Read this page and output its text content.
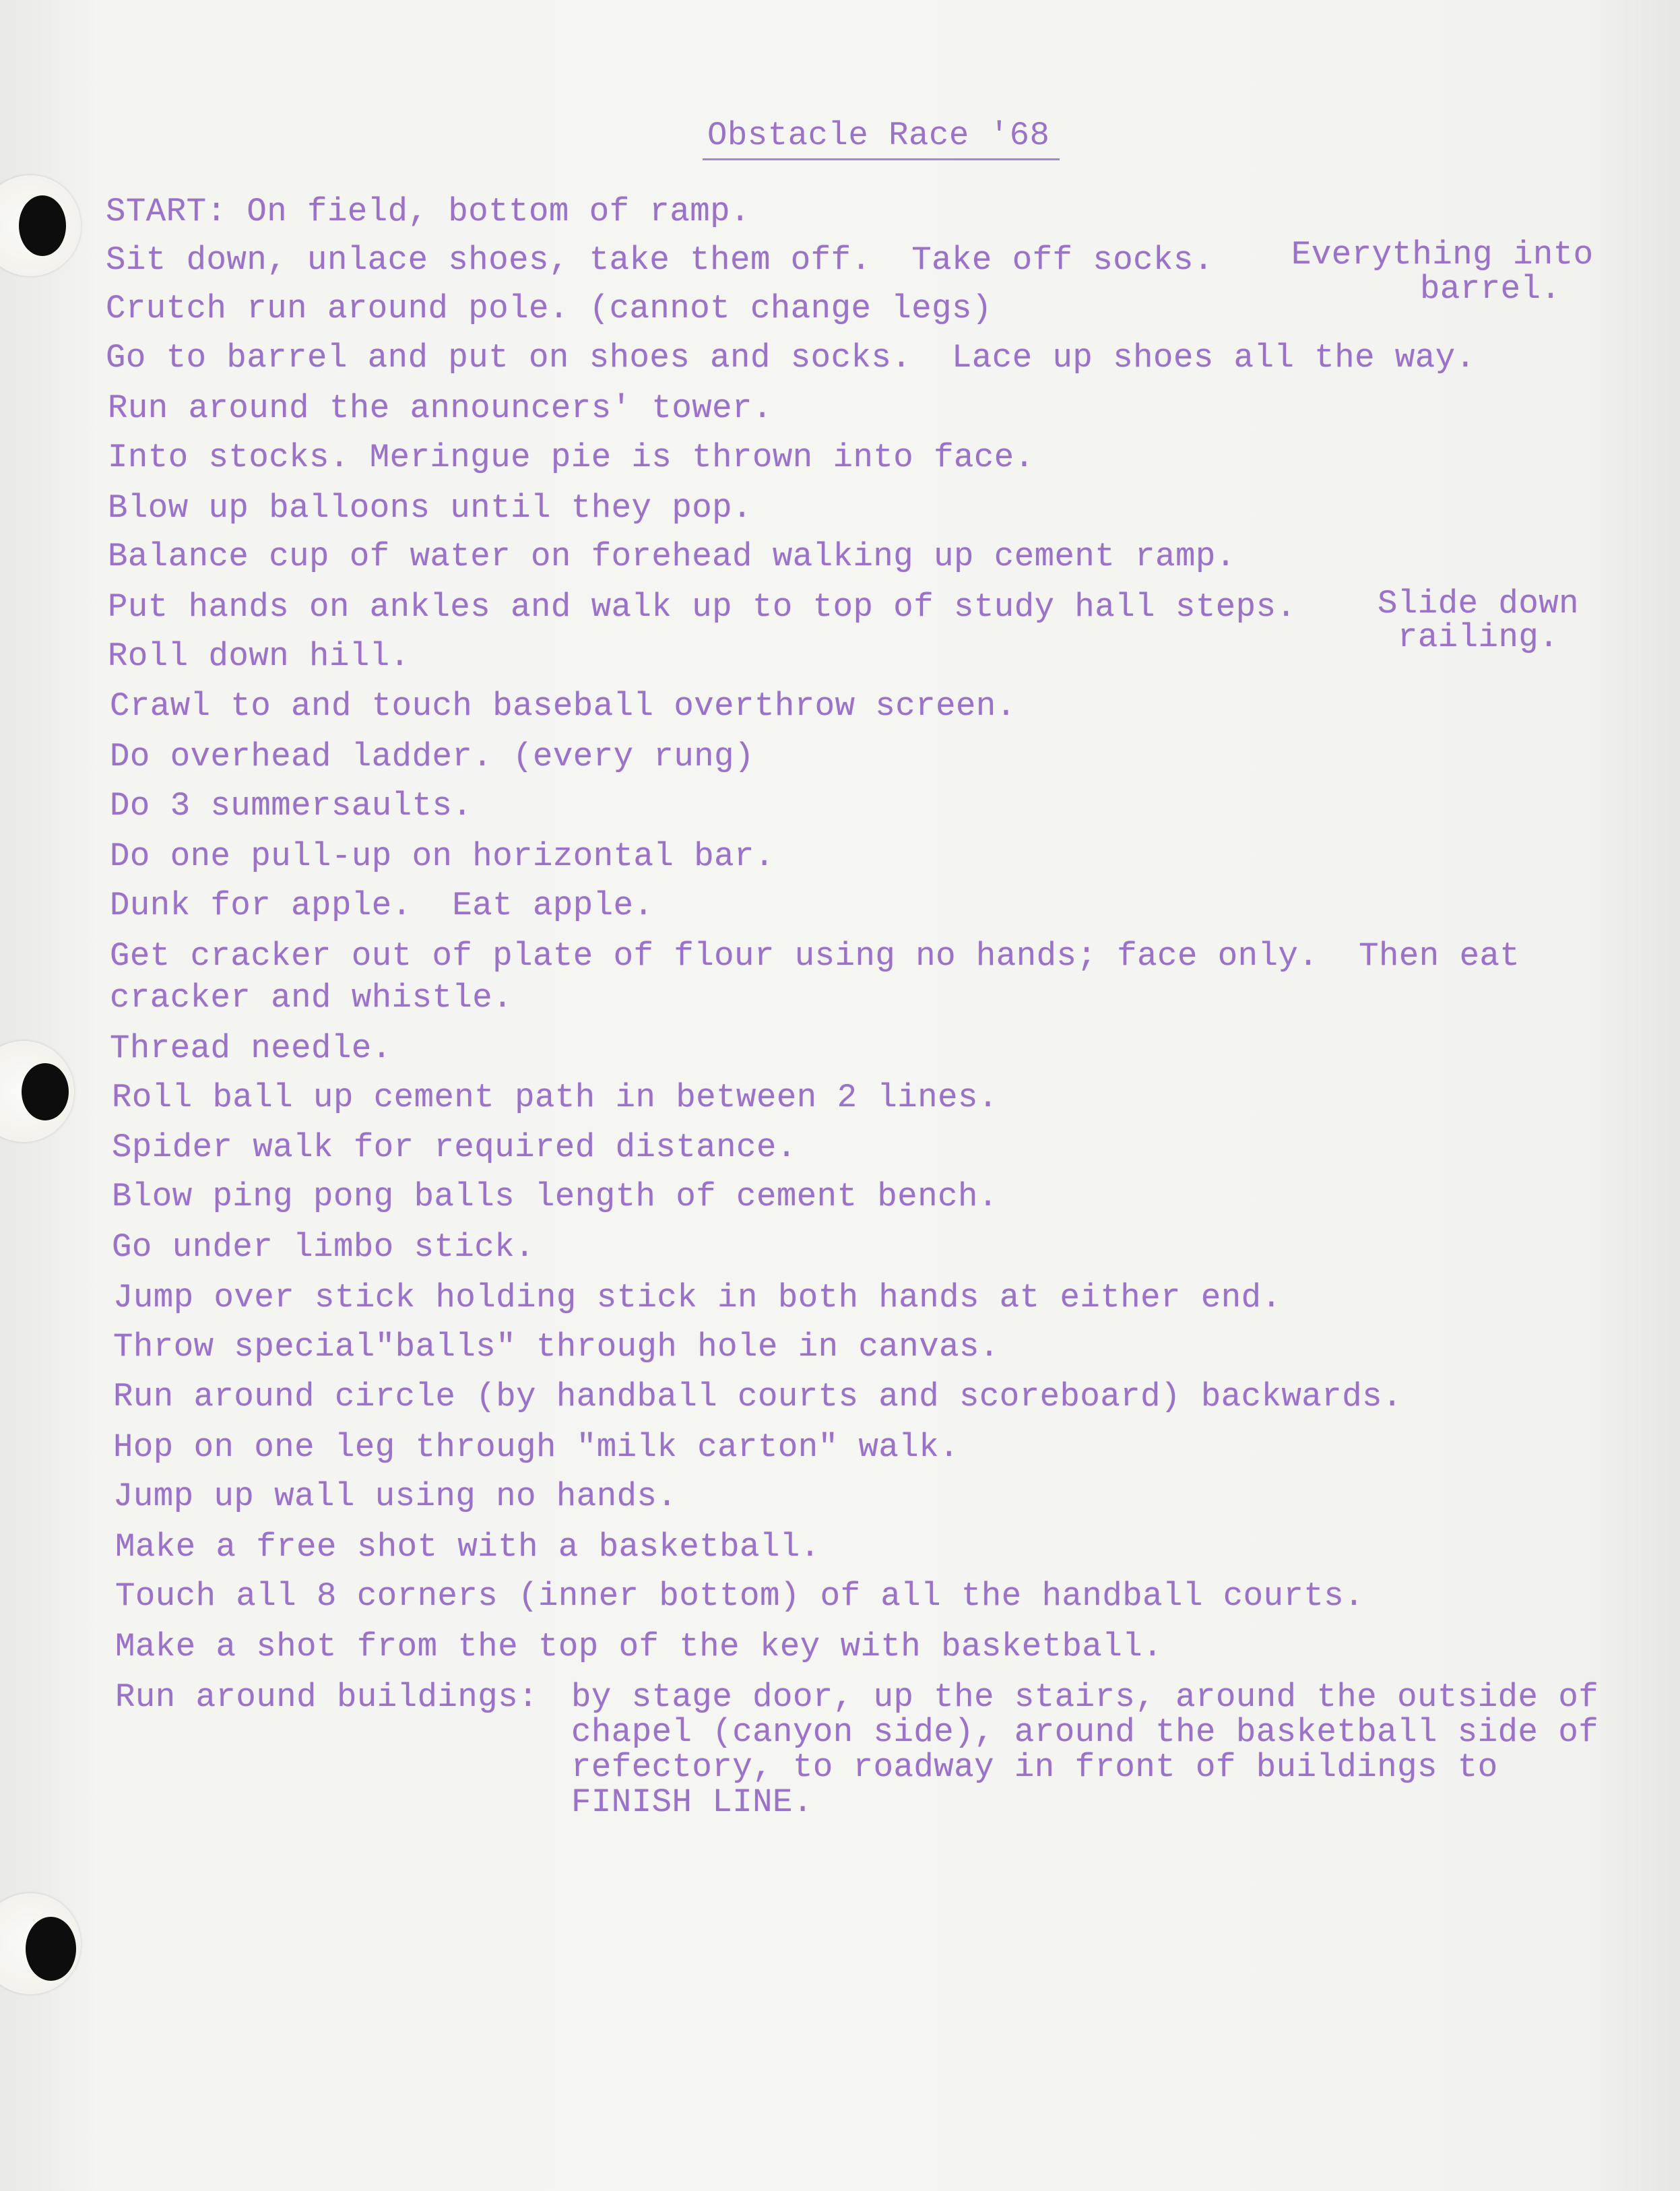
Obstacle Race '68
START: On field, bottom of ramp.
Sit down, unlace shoes, take them off.  Take off socks. Everything into
barrel.
Crutch run around pole. (cannot change legs)
Go to barrel and put on shoes and socks.  Lace up shoes all the way.
Run around the announcers' tower.
Into stocks. Meringue pie is thrown into face.
Blow up balloons until they pop.
Balance cup of water on forehead walking up cement ramp.
Put hands on ankles and walk up to top of study hall steps. Slide down
railing.
Roll down hill.
Crawl to and touch baseball overthrow screen.
Do overhead ladder. (every rung)
Do 3 summersaults.
Do one pull-up on horizontal bar.
Dunk for apple.  Eat apple.
Get cracker out of plate of flour using no hands; face only.  Then eat
cracker and whistle.
Thread needle.
Roll ball up cement path in between 2 lines.
Spider walk for required distance.
Blow ping pong balls length of cement bench.
Go under limbo stick.
Jump over stick holding stick in both hands at either end.
Throw special"balls" through hole in canvas.
Run around circle (by handball courts and scoreboard) backwards.
Hop on one leg through "milk carton" walk.
Jump up wall using no hands.
Make a free shot with a basketball.
Touch all 8 corners (inner bottom) of all the handball courts.
Make a shot from the top of the key with basketball.
Run around buildings: by stage door, up the stairs, around the outside of
chapel (canyon side), around the basketball side of
refectory, to roadway in front of buildings to
FINISH LINE.
